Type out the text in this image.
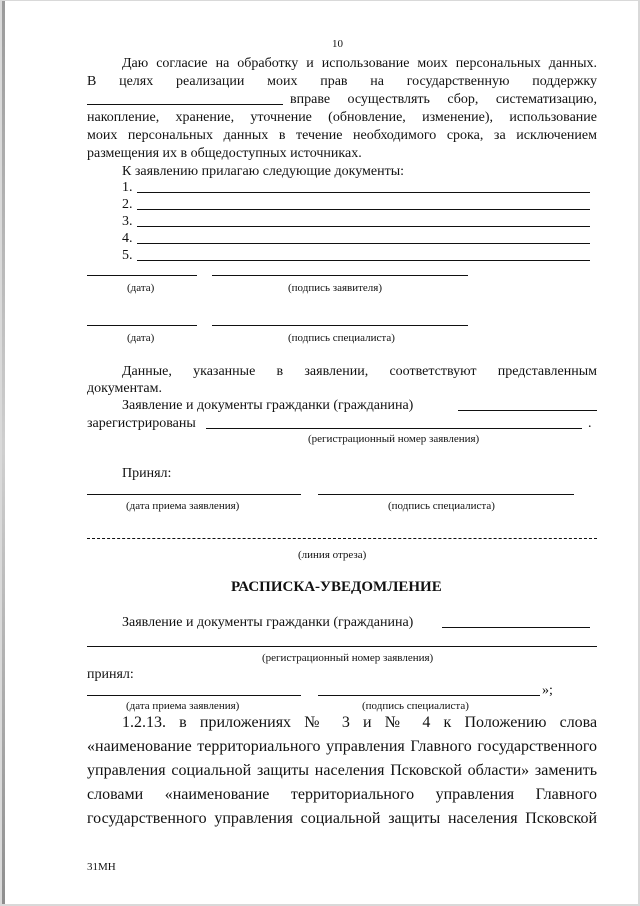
10
Даю согласие на обработку и использование моих персональных данных.
В целях реализации моих прав на государственную поддержку
вправе осуществлять сбор, систематизацию,
накопление, хранение, уточнение (обновление, изменение), использование
моих персональных данных в течение необходимого срока, за исключением
размещения их в общедоступных источниках.
К заявлению прилагаю следующие документы:
1.
2.
3.
4.
5.
(дата)	(подпись заявителя)
(дата)	(подпись специалиста)
Данные, указанные в заявлении, соответствуют представленным
документам.
Заявление и документы гражданки (гражданина)
зарегистрированы	.
(регистрационный номер заявления)
Принял:
(дата приема заявления)	(подпись специалиста)
(линия отреза)
РАСПИСКА-УВЕДОМЛЕНИЕ
Заявление и документы гражданки (гражданина)
(регистрационный номер заявления)
принял:
»;
(дата приема заявления)	(подпись специалиста)
1.2.13. в приложениях № 3 и № 4 к Положению слова
«наименование территориального управления Главного государственного
управления социальной защиты населения Псковской области» заменить
словами «наименование территориального управления Главного
государственного управления социальной защиты населения Псковской
31МН
